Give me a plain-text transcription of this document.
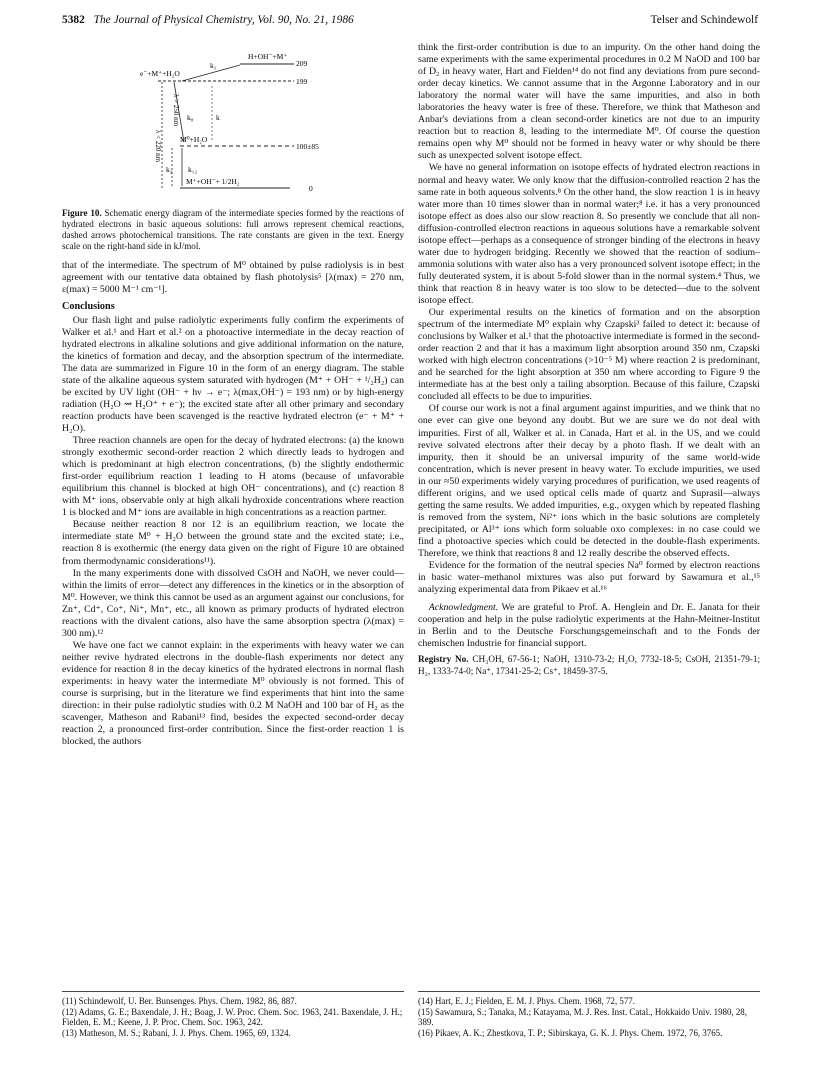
5382 The Journal of Physical Chemistry, Vol. 90, No. 21, 1986	Telser and Schindewolf
H+OH⁻+M⁺
209
e⁻+M⁺+H₂O
199
k₁
M⁰+H₂O
100±85
M⁺+OH⁻+ 1/2H₂
0
k₈	k
k₂ k₁₂
λ > 250 nm
λ < 220 nm
Figure 10. Schematic energy diagram of the intermediate species formed by the reactions of hydrated electrons in basic aqueous solutions: full arrows represent chemical reactions, dashed arrows photochemical transitions. The rate constants are given in the text. Energy scale on the right-hand side in kJ/mol.

that of the intermediate. The spectrum of M⁰ obtained by pulse radiolysis is in best agreement with our tentative data obtained by flash photolysis⁵ [λ(max) = 270 nm, ε(max) = 5000 M⁻¹ cm⁻¹].

Conclusions

Our flash light and pulse radiolytic experiments fully confirm the experiments of Walker et al.¹ and Hart et al.² on a photoactive intermediate in the decay reaction of hydrated electrons in alkaline solutions and give additional information on the nature, the kinetics of formation and decay, and the absorption spectrum of the intermediate. The data are summarized in Figure 10 in the form of an energy diagram. The stable state of the alkaline aqueous system saturated with hydrogen (M⁺ + OH⁻ + ¹/₂H₂) can be excited by UV light (OH⁻ + hν → e⁻; λ(max,OH⁻) = 193 nm) or by high-energy radiation (H₂O ⇝ H₂O⁺ + e⁻); the excited state after all other primary and secondary reaction products have been scavenged is the reactive hydrated electron (e⁻ + M⁺ + H₂O).

Three reaction channels are open for the decay of hydrated electrons: (a) the known strongly exothermic second-order reaction 2 which directly leads to hydrogen and which is predominant at high electron concentrations, (b) the slightly endothermic first-order equilibrium reaction 1 leading to H atoms (because of unfavorable equilibrium this channel is blocked at high OH⁻ concentrations), and (c) reaction 8 with M⁺ ions, observable only at high alkali hydroxide concentrations where reaction 1 is blocked and M⁺ ions are available in high concentrations as a reaction partner.

Because neither reaction 8 nor 12 is an equilibrium reaction, we locate the intermediate state M⁰ + H₂O between the ground state and the excited state; i.e., reaction 8 is exothermic (the energy data given on the right of Figure 10 are obtained from thermodynamic considerations¹¹).

In the many experiments done with dissolved CsOH and NaOH, we never could—within the limits of error—detect any differences in the kinetics or in the absorption of M⁰. However, we think this cannot be used as an argument against our conclusions, for Zn⁺, Cd⁺, Co⁺, Ni⁺, Mn⁺, etc., all known as primary products of hydrated electron reactions with the divalent cations, also have the same absorption spectra (λ(max) = 300 nm).¹²

We have one fact we cannot explain: in the experiments with heavy water we can neither revive hydrated electrons in the double-flash experiments nor detect any evidence for reaction 8 in the decay kinetics of the hydrated electrons in normal flash experiments: in heavy water the intermediate M⁰ obviously is not formed. This of course is surprising, but in the literature we find experiments that hint into the same direction: in their pulse radiolytic studies with 0.2 M NaOH and 100 bar of H₂ as the scavenger, Matheson and Rabani¹³ find, besides the expected second-order decay reaction 2, a pronounced first-order contribution. Since the first-order reaction 1 is blocked, the authors

think the first-order contribution is due to an impurity. On the other hand doing the same experiments with the same experimental procedures in 0.2 M NaOD and 100 bar of D₂ in heavy water, Hart and Fielden¹⁴ do not find any deviations from pure second-order decay kinetics. We cannot assume that in the Argonne Laboratory and in our laboratory the normal water will have the same impurities, and also in both laboratories the heavy water is free of these. Therefore, we think that Matheson and Anbar's deviations from a clean second-order kinetics are not due to an impurity reaction but to reaction 8, leading to the intermediate M⁰. Of course the question remains open why M⁰ should not be formed in heavy water or why should be there such as unexpected solvent isotope effect.

We have no general information on isotope effects of hydrated electron reactions in normal and heavy water. We only know that the diffusion-controlled reaction 2 has the same rate in both aqueous solvents.⁸ On the other hand, the slow reaction 1 is in heavy water more than 10 times slower than in normal water;⁸ i.e. it has a very pronounced isotope effect as does also our slow reaction 8. So presently we conclude that all non-diffusion-controlled electron reactions in aqueous solutions have a remarkable solvent isotope effect—perhaps as a consequence of stronger binding of the electrons in heavy water due to hydrogen bridging. Recently we showed that the reaction of sodium–ammonia solutions with water also has a very pronounced solvent isotope effect; in the fully deuterated system, it is about 5-fold slower than in the normal system.⁴ Thus, we think that reaction 8 in heavy water is too slow to be detected—due to the solvent isotope effect.

Our experimental results on the kinetics of formation and on the absorption spectrum of the intermediate M⁰ explain why Czapski³ failed to detect it: because of conclusions by Walker et al.¹ that the photoactive intermediate is formed in the second-order reaction 2 and that it has a maximum light absorption around 350 nm, Czapski worked with high electron concentrations (>10⁻⁵ M) where reaction 2 is predominant, and he searched for the light absorption at 350 nm where according to Figure 9 the intermediate has at the best only a tailing absorption. Because of this failure, Czapski concluded all effects to be due to impurities.

Of course our work is not a final argument against impurities, and we think that no one ever can give one beyond any doubt. But we are sure we do not deal with impurities. First of all, Walker et al. in Canada, Hart et al. in the US, and we could revive solvated electrons after their decay by a photo flash. If we dealt with an impurity, then it should be an universal impurity of the same world-wide concentration, which is never present in heavy water. To exclude impurities, we used in our ≈50 experiments widely varying procedures of purification, we used reagents of different origins, and we used optical cells made of quartz and Suprasil—always getting the same results. We added impurities, e.g., oxygen which by repeated flashing is removed from the system, Ni²⁺ ions which in the basic solutions are completely precipitated, or Al³⁺ ions which form soluable oxo complexes: in no case could we find a photoactive species which could be detected in the double-flash experiments. Therefore, we think that reactions 8 and 12 really describe the observed effects.

Evidence for the formation of the neutral species Na⁰ formed by electron reactions in basic water–methanol mixtures was also put forward by Sawamura et al.,¹⁵ analyzing experimental data from Pikaev et al.¹⁶

Acknowledgment. We are grateful to Prof. A. Henglein and Dr. E. Janata for their cooperation and help in the pulse radiolytic experiments at the Hahn-Meitner-Institut in Berlin and to the Deutsche Forschungsgemeinschaft and to the Fonds der chemischen Industrie for financial support.

Registry No. CH₃OH, 67-56-1; NaOH, 1310-73-2; H₂O, 7732-18-5; CsOH, 21351-79-1; H₂, 1333-74-0; Na⁺, 17341-25-2; Cs⁺, 18459-37-5.

(11) Schindewolf, U. Ber. Bunsenges. Phys. Chem. 1982, 86, 887.

(12) Adams, G. E.; Baxendale, J. H.; Boag, J. W. Proc. Chem. Soc. 1963, 241. Baxendale, J. H.; Fielden, E. M.; Keene, J. P. Proc. Chem. Soc. 1963, 242.

(13) Matheson, M. S.; Rabani, J. J. Phys. Chem. 1965, 69, 1324.

(14) Hart, E. J.; Fielden, E. M. J. Phys. Chem. 1968, 72, 577.

(15) Sawamura, S.; Tanaka, M.; Katayama, M. J. Res. Inst. Catal., Hokkaido Univ. 1980, 28, 389.

(16) Pikaev, A. K.; Zhestkova, T. P.; Sibirskaya, G. K. J. Phys. Chem. 1972, 76, 3765.
